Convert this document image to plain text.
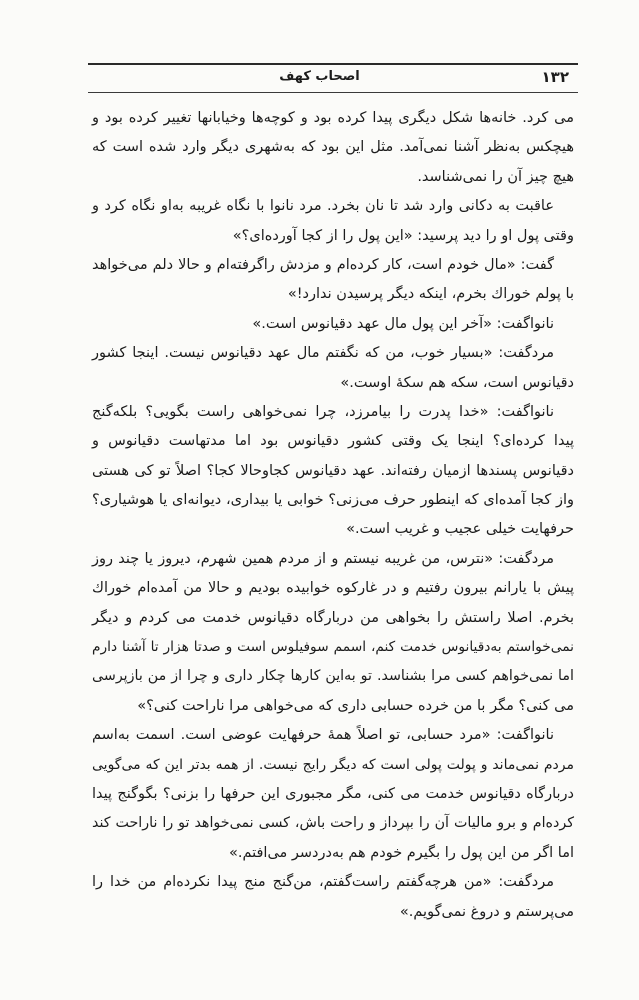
۱۳۲
اصحاب کهف
می کرد. خانه‌ها شکل دیگری پیدا کرده بود و کوچه‌ها وخیابانها تغییر کرده بود و
هیچکس به‌نظر آشنا نمی‌آمد. مثل این بود که به‌شهری دیگر وارد شده است که
هیچ چیز آن را نمی‌شناسد.
عاقبت به دکانی وارد شد تا نان بخرد. مرد نانوا با نگاه غریبه به‌او نگاه کرد و
وقتی پول او را دید پرسید: «این پول را از کجا آورده‌ای؟»
گفت: «مال خودم است، کار کرده‌ام و مزدش راگرفته‌ام و حالا دلم می‌خواهد
با پولم خوراك بخرم، اینکه دیگر پرسیدن ندارد!»
نانواگفت: «آخر این پول مال عهد دقیانوس است.»
مردگفت: «بسیار خوب، من که نگفتم مال عهد دقیانوس نیست. اینجا کشور
دقیانوس است، سکه هم سکهٔ اوست.»
نانواگفت: «خدا پدرت را بیامرزد، چرا نمی‌خواهی راست بگویی؟ بلکه‌گنج
پیدا کرده‌ای؟ اینجا یک وقتی کشور دقیانوس بود اما مدتهاست دقیانوس و
دقیانوس پسندها ازمیان رفته‌اند. عهد دقیانوس کجاوحالا کجا؟ اصلاً تو کی هستی
واز کجا آمده‌ای که اینطور حرف می‌زنی؟ خوابی یا بیداری، دیوانه‌ای یا هوشیاری؟
حرفهایت خیلی عجیب و غریب است.»
مردگفت: «نترس، من غریبه نیستم و از مردم همین شهرم، دیروز یا چند روز
پیش با یارانم بیرون رفتیم و در غارکوه خوابیده بودیم و حالا من آمده‌ام خوراك
بخرم. اصلا راستش را بخواهی من دربارگاه دقیانوس خدمت می کردم و دیگر
نمی‌خواستم به‌دقیانوس خدمت کنم، اسمم سوفیلوس است و صدتا هزار تا آشنا دارم
اما نمی‌خواهم کسی مرا بشناسد. تو به‌این کارها چکار داری و چرا از من بازپرسی
می کنی؟ مگر با من خرده حسابی داری که می‌خواهی مرا ناراحت کنی؟»
نانواگفت: «مرد حسابی، تو اصلاً همهٔ حرفهایت عوضی است. اسمت به‌اسم
مردم نمی‌ماند و پولت پولی است که دیگر رایج نیست. از همه بدتر این که می‌گویی
دربارگاه دقیانوس خدمت می کنی، مگر مجبوری این حرفها را بزنی؟ بگوگنج پیدا
کرده‌ام و برو مالیات آن را بپرداز و راحت باش، کسی نمی‌خواهد تو را ناراحت کند
اما اگر من این پول را بگیرم خودم هم به‌دردسر می‌افتم.»
مردگفت: «من هرچه‌گفتم راست‌گفتم، من‌گنج منج پیدا نکرده‌ام من خدا را
می‌پرستم و دروغ نمی‌گویم.»
